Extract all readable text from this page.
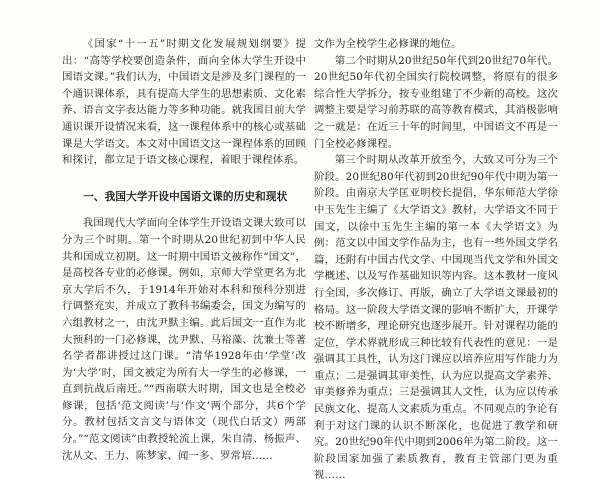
《国家“十一五”时期文化发展规划纲要》提出：“高等学校要创造条件，面向全体大学生开设中国语文课。”我们认为，中国语文是涉及多门课程的一个通识课体系，具有提高大学生的思想素质、文化素养、语言文字表达能力等多种功能。就我国目前大学通识课开设情况来看，这一课程体系中的核心或基础课是大学语文。本文对中国语文这一课程体系的回顾和探讨，都立足于语文核心课程，着眼于课程体系。

一、我国大学开设中国语文课的历史和现状

我国现代大学面向全体学生开设语文课大致可以分为三个时期。第一个时期从20世纪初到中华人民共和国成立初期。这一时期中国语文被称作“国文”，是高校各专业的必修课。例如，京师大学堂更名为北京大学后不久，于1914年开始对本科和预科分别进行调整充实，并成立了教科书编委会，国文为编写的六组教材之一，由沈尹默主编。此后国文一直作为北大预科的一门必修课，沈尹默、马裕藻、沈兼士等著名学者都讲授过这门课。“清华1928年由‘学堂’改为‘大学’时，国文被定为所有大一学生的必修课，一直到抗战后南迁。”“西南联大时期，国文也是全校必修课，包括‘范文阅读’与‘作文’两个部分，共6个学分。教材包括文言文与语体文（现代白话文）两部分。”“范文阅读”由教授轮流上课，朱自清、杨振声、沈从文、王力、陈梦家、闻一多、罗常培……

文作为全校学生必修课的地位。

第二个时期从20世纪50年代到20世纪70年代。20世纪50年代初全国实行院校调整，将原有的很多综合性大学拆分，按专业组建了不少新的高校。这次调整主要是学习前苏联的高等教育模式，其消极影响之一就是：在近三十年的时间里，中国语文不再是一门全校必修课程。

第三个时期从改革开放至今，大致又可分为三个阶段。20世纪80年代初到20世纪90年代中期为第一阶段。由南京大学匡亚明校长提倡，华东师范大学徐中玉先生主编了《大学语文》教材，大学语文不同于国文，以徐中玉先生主编的第一本《大学语文》为例：范文以中国文学作品为主，也有一些外国文学名篇，还附有中国古代文学、中国现当代文学和外国文学概述、以及写作基础知识等内容。这本教材一度风行全国，多次修订、再版，确立了大学语文课最初的格局。这一阶段大学语文课的影响不断扩大，开课学校不断增多，理论研究也逐步展开。针对课程功能的定位，学术界就形成三种比较有代表性的意见：一是强调其工具性，认为这门课应以培养应用写作能力为重点；二是强调其审美性，认为应以提高文学素养、审美修养为重点；三是强调其人文性，认为应以传承民族文化、提高人文素质为重点。不同观点的争论有利于对这门课的认识不断深化，也促进了教学和研究。20世纪90年代中期到2006年为第二阶段。这一阶段国家加强了素质教育，教育主管部门更为重视……
